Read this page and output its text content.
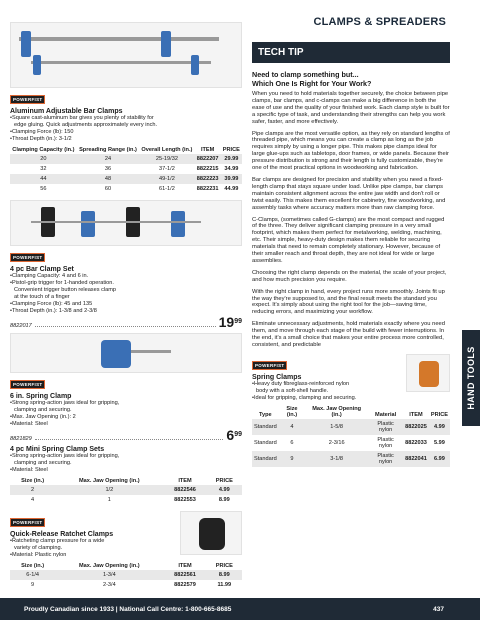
CLAMPS & SPREADERS
POWERFIST
Aluminum Adjustable Bar Clamps
•Square cast-aluminum bar gives you plenty of stability for
edge gluing. Quick adjustments approximately every inch.
•Clamping Force (lb): 150
•Throat Depth (in.): 3-1/2
Clamping Capacity (in.)	Spreading Range (in.)	Overall Length (in.)	ITEM	PRICE
20	24	25-19/32	8822207	29.99
32	36	37-1/2	8822215	34.99
44	48	49-1/2	8822223	39.99
56	60	61-1/2	8822231	44.99
POWERFIST
4 pc Bar Clamp Set
•Clamping Capacity: 4 and 6 in.
•Pistol-grip trigger for 1-handed operation.
Convenient trigger button releases clamp
at the touch of a finger
•Clamping Force (lb): 45 and 135
•Throat Depth (in.): 1-3/8 and 2-3/8
8822017	$19^{99}$
POWERFIST
6 in. Spring Clamp
•Strong spring-action jaws ideal for gripping,
clamping and securing.
•Max. Jaw Opening (in.): 2
•Material: Steel
8821829	$6^{99}$
4 pc Mini Spring Clamp Sets
•Strong spring-action jaws ideal for gripping,
clamping and securing.
•Material: Steel
Size (in.)	Max. Jaw Opening (in.)	ITEM	PRICE
2	1/2	8822546	4.99
4	1	8822553	8.99
POWERFIST
Quick-Release Ratchet Clamps
•Ratcheting clamp pressure for a wide
variety of clamping.
•Material: Plastic nylon
Size (in.)	Max. Jaw Opening (in.)	ITEM	PRICE
6-1/4	1-3/4	8822561	8.99
9	2-3/4	8822579	11.99
TECH TIP
Need to clamp something but...
Which One Is Right for Your Work?

When you need to hold materials together securely, the choice between pipe clamps, bar clamps, and c-clamps can make a big difference in both the ease of use and the quality of your finished work. Each clamp style is built for a specific type of task, and understanding their strengths can help you work safer, faster, and more effectively.

Pipe clamps are the most versatile option, as they rely on standard lengths of threaded pipe, which means you can create a clamp as long as the job requires simply by using a longer pipe. This makes pipe clamps ideal for large glue-ups such as tabletops, door frames, or wide panels. Because their pressure distribution is strong and their length is fully customizable, they're one of the most practical options in woodworking and fabrication.

Bar clamps are designed for precision and stability when you need a fixed-length clamp that stays square under load. Unlike pipe clamps, bar clamps maintain consistent alignment across the entire jaw width and don't roll or twist easily. This makes them excellent for cabinetry, fine woodworking, and assembly tasks where accuracy matters more than raw clamping force.

C-Clamps, (sometimes called G-clamps) are the most compact and rugged of the three. They deliver significant clamping pressure in a very small footprint, which makes them perfect for metalworking, welding, machining, etc. Their simple, heavy-duty design makes them reliable for securing materials that need to remain completely stationary. However, because of their smaller reach and throat depth, they are not ideal for wide or large assemblies.

Choosing the right clamp depends on the material, the scale of your project, and how much precision you require.

With the right clamp in hand, every project runs more smoothly. Joints fit up the way they're supposed to, and the final result meets the standard you expect. It's simply about using the right tool for the job—saving time, reducing errors, and maximizing your workflow.

Eliminate unnecessary adjustments, hold materials exactly where you need them, and move through each stage of the build with fewer interruptions. In the end, it's a small choice that makes your entire process more controlled, consistent, and predictable

POWERFIST
Spring Clamps
•Heavy duty fibreglass-reinforced nylon
body with a soft-shell handle.
•Ideal for gripping, clamping and securing.
Type	Size (in.)	Max. Jaw Opening (in.)	Material	ITEM	PRICE
Standard	4	1-5/8	Plastic nylon	8822025	4.99
Standard	6	2-3/16	Plastic nylon	8822033	5.99
Standard	9	3-1/8	Plastic nylon	8822041	6.99
HAND TOOLS
Proudly Canadian since 1933 | National Call Centre: 1-800-665-8685	437
